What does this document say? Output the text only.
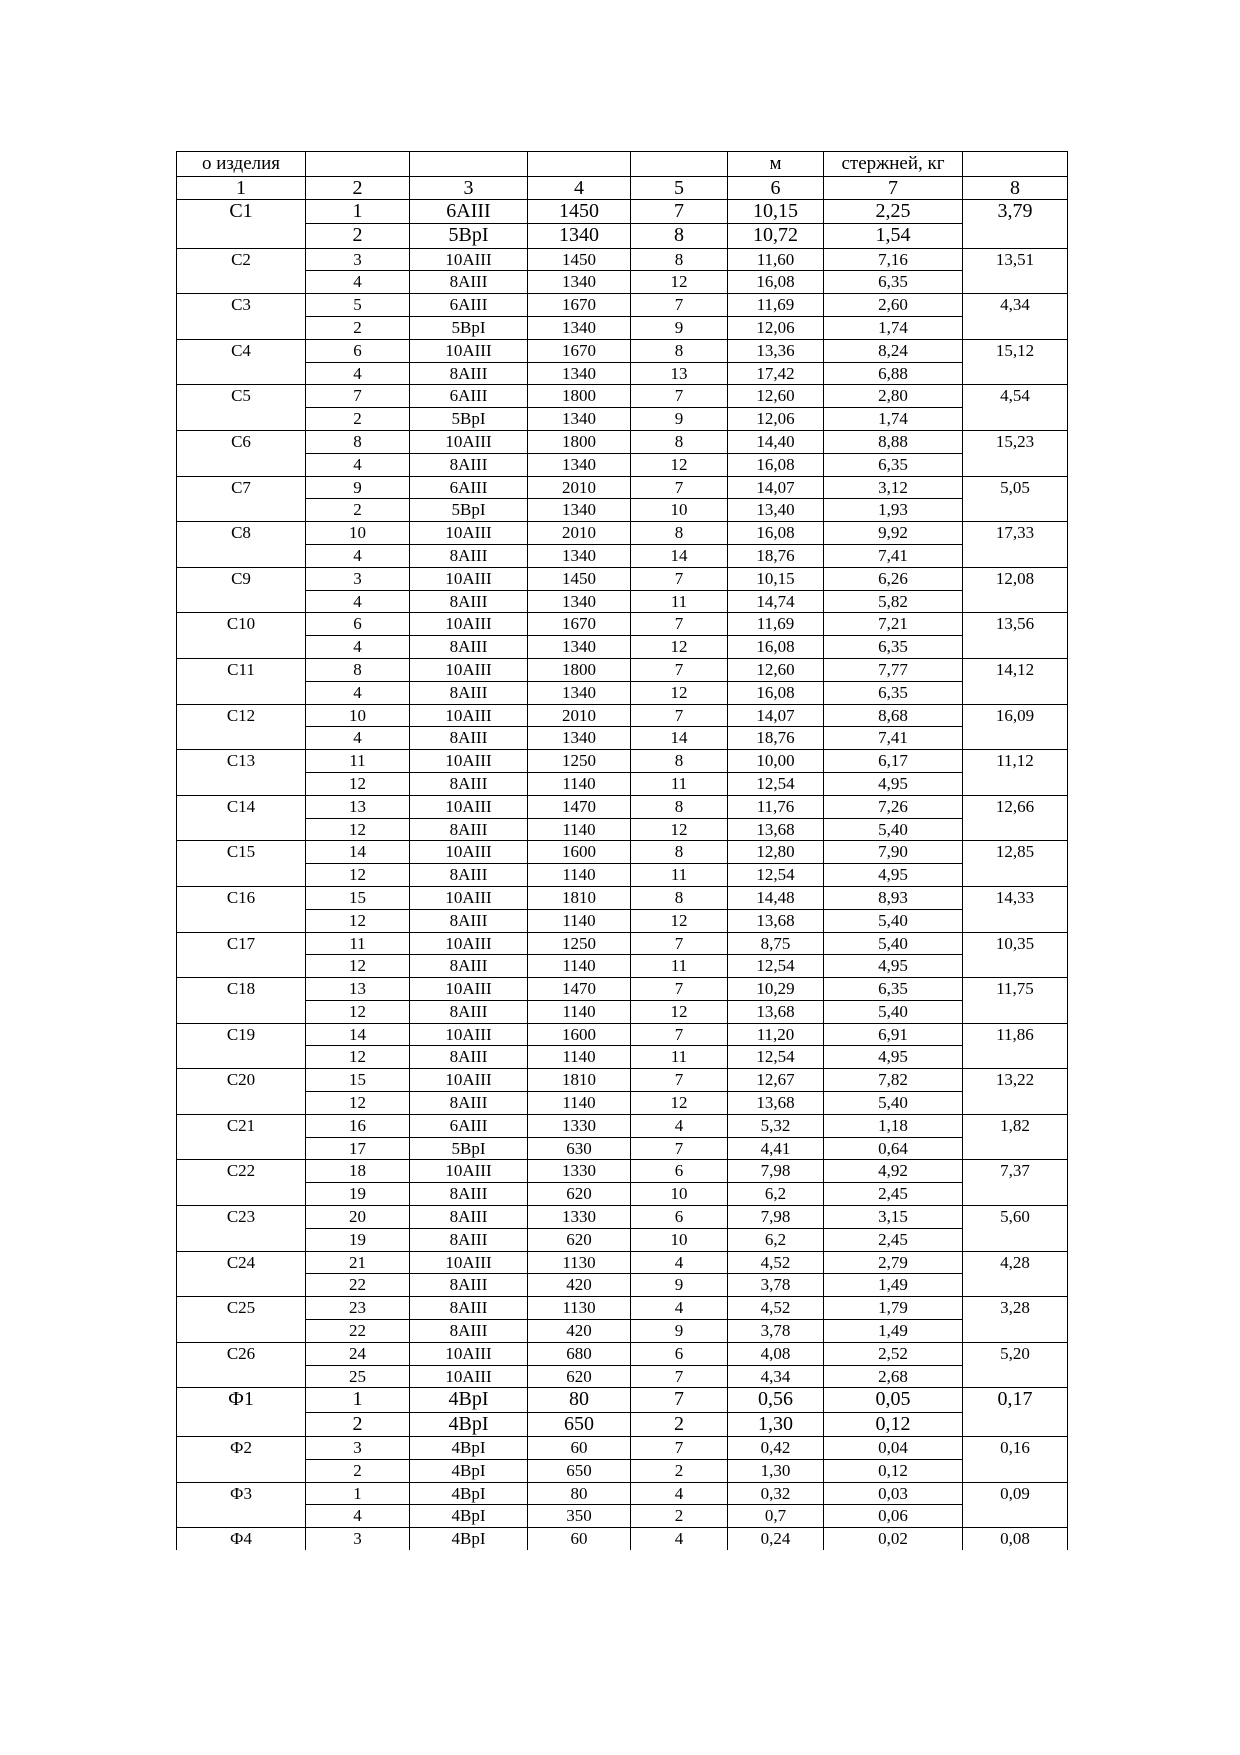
о изделия					м	стержней, кг	
1	2	3	4	5	6	7	8
С1	1	6АIII	1450	7	10,15	2,25	3,79
	2	5ВрI	1340	8	10,72	1,54	
С2	3	10АIII	1450	8	11,60	7,16	13,51
	4	8АIII	1340	12	16,08	6,35	
С3	5	6АIII	1670	7	11,69	2,60	4,34
	2	5ВрI	1340	9	12,06	1,74	
С4	6	10АIII	1670	8	13,36	8,24	15,12
	4	8АIII	1340	13	17,42	6,88	
С5	7	6АIII	1800	7	12,60	2,80	4,54
	2	5ВрI	1340	9	12,06	1,74	
С6	8	10АIII	1800	8	14,40	8,88	15,23
	4	8АIII	1340	12	16,08	6,35	
С7	9	6АIII	2010	7	14,07	3,12	5,05
	2	5ВрI	1340	10	13,40	1,93	
С8	10	10АIII	2010	8	16,08	9,92	17,33
	4	8АIII	1340	14	18,76	7,41	
С9	3	10АIII	1450	7	10,15	6,26	12,08
	4	8АIII	1340	11	14,74	5,82	
С10	6	10АIII	1670	7	11,69	7,21	13,56
	4	8АIII	1340	12	16,08	6,35	
С11	8	10АIII	1800	7	12,60	7,77	14,12
	4	8АIII	1340	12	16,08	6,35	
С12	10	10АIII	2010	7	14,07	8,68	16,09
	4	8АIII	1340	14	18,76	7,41	
С13	11	10АIII	1250	8	10,00	6,17	11,12
	12	8АIII	1140	11	12,54	4,95	
С14	13	10АIII	1470	8	11,76	7,26	12,66
	12	8АIII	1140	12	13,68	5,40	
С15	14	10АIII	1600	8	12,80	7,90	12,85
	12	8АIII	1140	11	12,54	4,95	
С16	15	10АIII	1810	8	14,48	8,93	14,33
	12	8АIII	1140	12	13,68	5,40	
С17	11	10АIII	1250	7	8,75	5,40	10,35
	12	8АIII	1140	11	12,54	4,95	
С18	13	10АIII	1470	7	10,29	6,35	11,75
	12	8АIII	1140	12	13,68	5,40	
С19	14	10АIII	1600	7	11,20	6,91	11,86
	12	8АIII	1140	11	12,54	4,95	
С20	15	10АIII	1810	7	12,67	7,82	13,22
	12	8АIII	1140	12	13,68	5,40	
С21	16	6АIII	1330	4	5,32	1,18	1,82
	17	5ВрI	630	7	4,41	0,64	
С22	18	10АIII	1330	6	7,98	4,92	7,37
	19	8АIII	620	10	6,2	2,45	
С23	20	8АIII	1330	6	7,98	3,15	5,60
	19	8АIII	620	10	6,2	2,45	
С24	21	10АIII	1130	4	4,52	2,79	4,28
	22	8АIII	420	9	3,78	1,49	
С25	23	8АIII	1130	4	4,52	1,79	3,28
	22	8АIII	420	9	3,78	1,49	
С26	24	10АIII	680	6	4,08	2,52	5,20
	25	10АIII	620	7	4,34	2,68	
Ф1	1	4ВрI	80	7	0,56	0,05	0,17
	2	4ВрI	650	2	1,30	0,12	
Ф2	3	4ВрI	60	7	0,42	0,04	0,16
	2	4ВрI	650	2	1,30	0,12	
Ф3	1	4ВрI	80	4	0,32	0,03	0,09
	4	4ВрI	350	2	0,7	0,06	
Ф4	3	4ВрI	60	4	0,24	0,02	0,08
